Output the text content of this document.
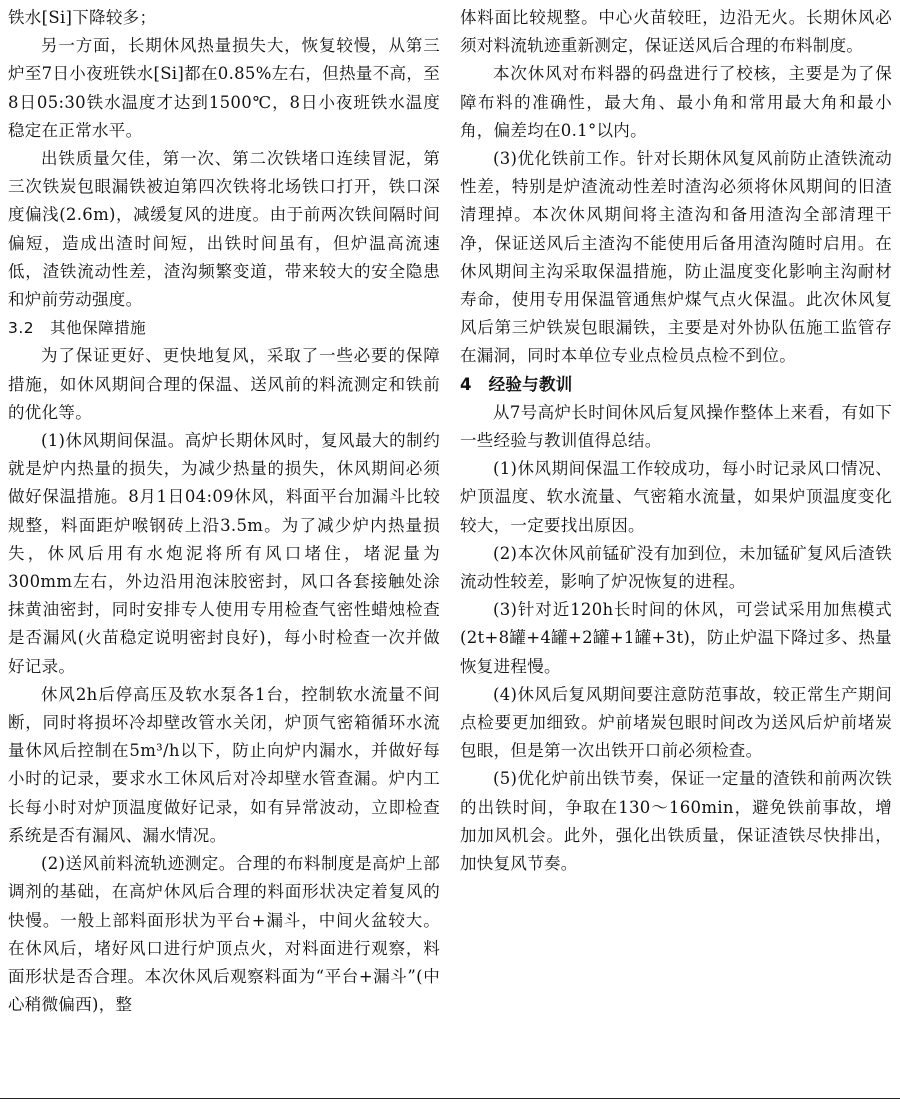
铁水[Si]下降较多；

另一方面，长期休风热量损失大，恢复较慢，从第三炉至7日小夜班铁水[Si]都在0.85%左右，但热量不高，至8日05:30铁水温度才达到1500℃，8日小夜班铁水温度稳定在正常水平。

出铁质量欠佳，第一次、第二次铁堵口连续冒泥，第三次铁炭包眼漏铁被迫第四次铁将北场铁口打开，铁口深度偏浅(2.6m)，减缓复风的进度。由于前两次铁间隔时间偏短，造成出渣时间短，出铁时间虽有，但炉温高流速低，渣铁流动性差，渣沟频繁变道，带来较大的安全隐患和炉前劳动强度。

3.2　其他保障措施

为了保证更好、更快地复风，采取了一些必要的保障措施，如休风期间合理的保温、送风前的料流测定和铁前的优化等。

(1)休风期间保温。高炉长期休风时，复风最大的制约就是炉内热量的损失，为减少热量的损失，休风期间必须做好保温措施。8月1日04:09休风，料面平台加漏斗比较规整，料面距炉喉钢砖上沿3.5m。为了减少炉内热量损失，休风后用有水炮泥将所有风口堵住，堵泥量为300mm左右，外边沿用泡沫胶密封，风口各套接触处涂抹黄油密封，同时安排专人使用专用检查气密性蜡烛检查是否漏风(火苗稳定说明密封良好)，每小时检查一次并做好记录。

休风2h后停高压及软水泵各1台，控制软水流量不间断，同时将损坏冷却壁改管水关闭，炉顶气密箱循环水流量休风后控制在5m³/h以下，防止向炉内漏水，并做好每小时的记录，要求水工休风后对冷却壁水管查漏。炉内工长每小时对炉顶温度做好记录，如有异常波动，立即检查系统是否有漏风、漏水情况。

(2)送风前料流轨迹测定。合理的布料制度是高炉上部调剂的基础，在高炉休风后合理的料面形状决定着复风的快慢。一般上部料面形状为平台+漏斗，中间火盆较大。在休风后，堵好风口进行炉顶点火，对料面进行观察，料面形状是否合理。本次休风后观察料面为“平台+漏斗”(中心稍微偏西)，整

体料面比较规整。中心火苗较旺，边沿无火。长期休风必须对料流轨迹重新测定，保证送风后合理的布料制度。

本次休风对布料器的码盘进行了校核，主要是为了保障布料的准确性，最大角、最小角和常用最大角和最小角，偏差均在0.1°以内。

(3)优化铁前工作。针对长期休风复风前防止渣铁流动性差，特别是炉渣流动性差时渣沟必须将休风期间的旧渣清理掉。本次休风期间将主渣沟和备用渣沟全部清理干净，保证送风后主渣沟不能使用后备用渣沟随时启用。在休风期间主沟采取保温措施，防止温度变化影响主沟耐材寿命，使用专用保温管通焦炉煤气点火保温。此次休风复风后第三炉铁炭包眼漏铁，主要是对外协队伍施工监管存在漏洞，同时本单位专业点检员点检不到位。

4　经验与教训

从7号高炉长时间休风后复风操作整体上来看，有如下一些经验与教训值得总结。

(1)休风期间保温工作较成功，每小时记录风口情况、炉顶温度、软水流量、气密箱水流量，如果炉顶温度变化较大，一定要找出原因。

(2)本次休风前锰矿没有加到位，未加锰矿复风后渣铁流动性较差，影响了炉况恢复的进程。

(3)针对近120h长时间的休风，可尝试采用加焦模式(2t+8罐+4罐+2罐+1罐+3t)，防止炉温下降过多、热量恢复进程慢。

(4)休风后复风期间要注意防范事故，较正常生产期间点检要更加细致。炉前堵炭包眼时间改为送风后炉前堵炭包眼，但是第一次出铁开口前必须检查。

(5)优化炉前出铁节奏，保证一定量的渣铁和前两次铁的出铁时间，争取在130～160min，避免铁前事故，增加加风机会。此外，强化出铁质量，保证渣铁尽快排出，加快复风节奏。
